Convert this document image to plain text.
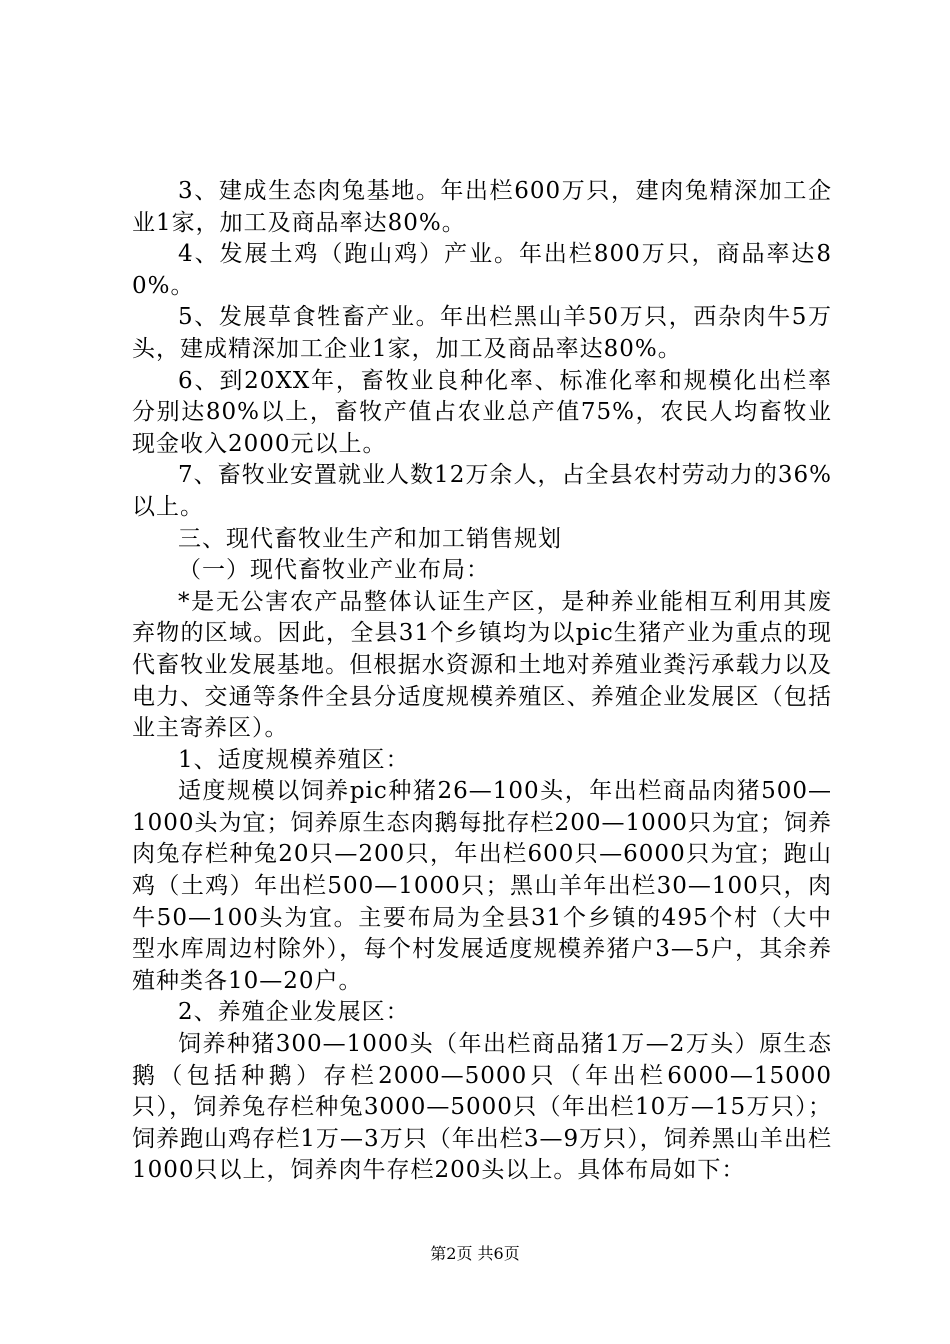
3、建成生态肉兔基地。年出栏600万只，建肉兔精深加工企业1家，加工及商品率达80%。

4、发展土鸡（跑山鸡）产业。年出栏800万只，商品率达80%。

5、发展草食牲畜产业。年出栏黑山羊50万只，西杂肉牛5万头，建成精深加工企业1家，加工及商品率达80%。

6、到20XX年，畜牧业良种化率、标准化率和规模化出栏率分别达80%以上，畜牧产值占农业总产值75%，农民人均畜牧业现金收入2000元以上。

7、畜牧业安置就业人数12万余人，占全县农村劳动力的36%以上。

三、现代畜牧业生产和加工销售规划

（一）现代畜牧业产业布局：

*是无公害农产品整体认证生产区，是种养业能相互利用其废弃物的区域。因此，全县31个乡镇均为以pic生猪产业为重点的现代畜牧业发展基地。但根据水资源和土地对养殖业粪污承载力以及电力、交通等条件全县分适度规模养殖区、养殖企业发展区（包括业主寄养区）。

1、适度规模养殖区：

适度规模以饲养pic种猪26—100头，年出栏商品肉猪500—1000头为宜；饲养原生态肉鹅每批存栏200—1000只为宜；饲养肉兔存栏种兔20只—200只，年出栏600只—6000只为宜；跑山鸡（土鸡）年出栏500—1000只；黑山羊年出栏30—100只，肉牛50—100头为宜。主要布局为全县31个乡镇的495个村（大中型水库周边村除外），每个村发展适度规模养猪户3—5户，其余养殖种类各10—20户。

2、养殖企业发展区：

饲养种猪300—1000头（年出栏商品猪1万—2万头）原生态鹅（包括种鹅）存栏2000—5000只（年出栏6000—15000只），饲养兔存栏种兔3000—5000只（年出栏10万—15万只）；饲养跑山鸡存栏1万—3万只（年出栏3—9万只），饲养黑山羊出栏1000只以上，饲养肉牛存栏200头以上。具体布局如下：

第2页 共6页
